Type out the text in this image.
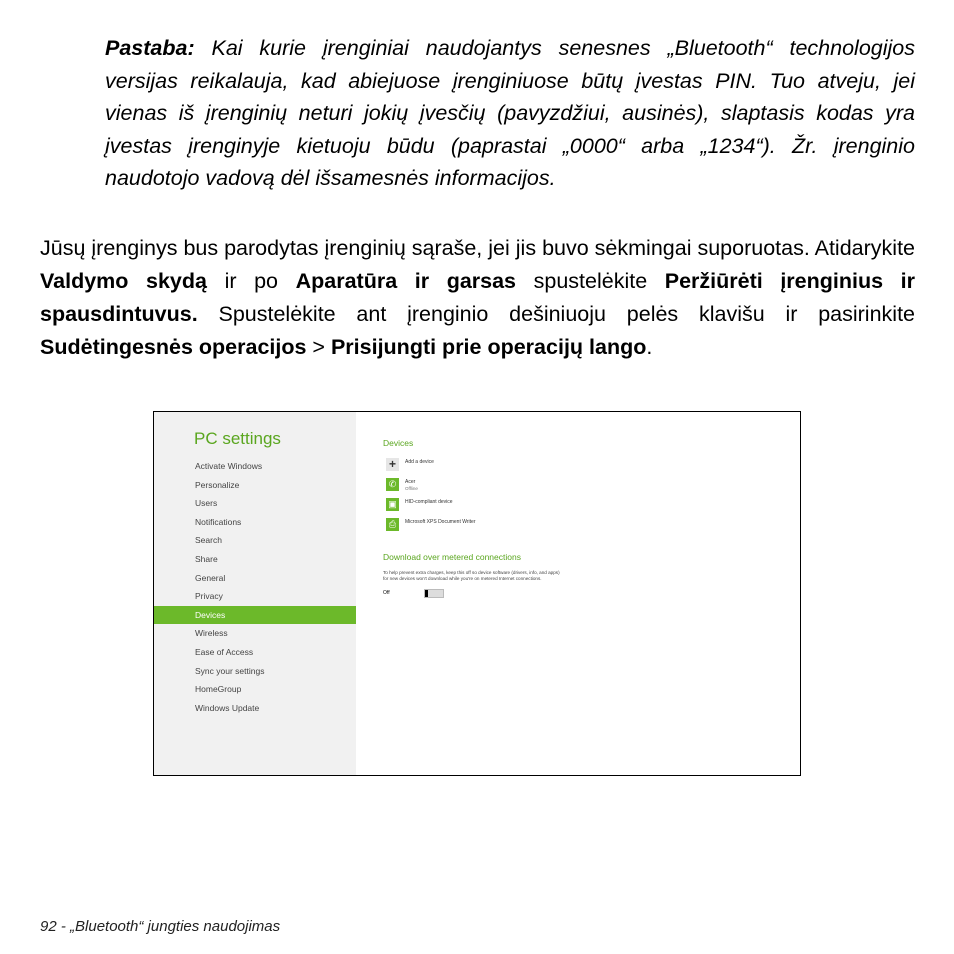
Pastaba: Kai kurie įrenginiai naudojantys senesnes „Bluetooth“ technologijos versijas reikalauja, kad abiejuose įrenginiuose būtų įvestas PIN. Tuo atveju, jei vienas iš įrenginių neturi jokių įvesčių (pavyzdžiui, ausinės), slaptasis kodas yra įvestas įrenginyje kietuoju būdu (paprastai „0000“ arba „1234“). Žr. įrenginio naudotojo vadovą dėl išsamesnės informacijos.
Jūsų įrenginys bus parodytas įrenginių sąraše, jei jis buvo sėkmingai suporuotas. Atidarykite Valdymo skydą ir po Aparatūra ir garsas spustelėkite Peržiūrėti įrenginius ir spausdintuvus. Spustelėkite ant įrenginio dešiniuoju pelės klavišu ir pasirinkite Sudėtingesnės operacijos > Prisijungti prie operacijų lango.
PC settings
Activate Windows
Personalize
Users
Notifications
Search
Share
General
Privacy
Devices
Wireless
Ease of Access
Sync your settings
HomeGroup
Windows Update
Devices
+	Add a device
✆	Acer
Offline
▣	HID-compliant device
⎙	Microsoft XPS Document Writer
Download over metered connections
To help prevent extra charges, keep this off so device software (drivers, info, and apps) for new devices won't download while you're on metered Internet connections.
Off
92 - „Bluetooth“ jungties naudojimas
